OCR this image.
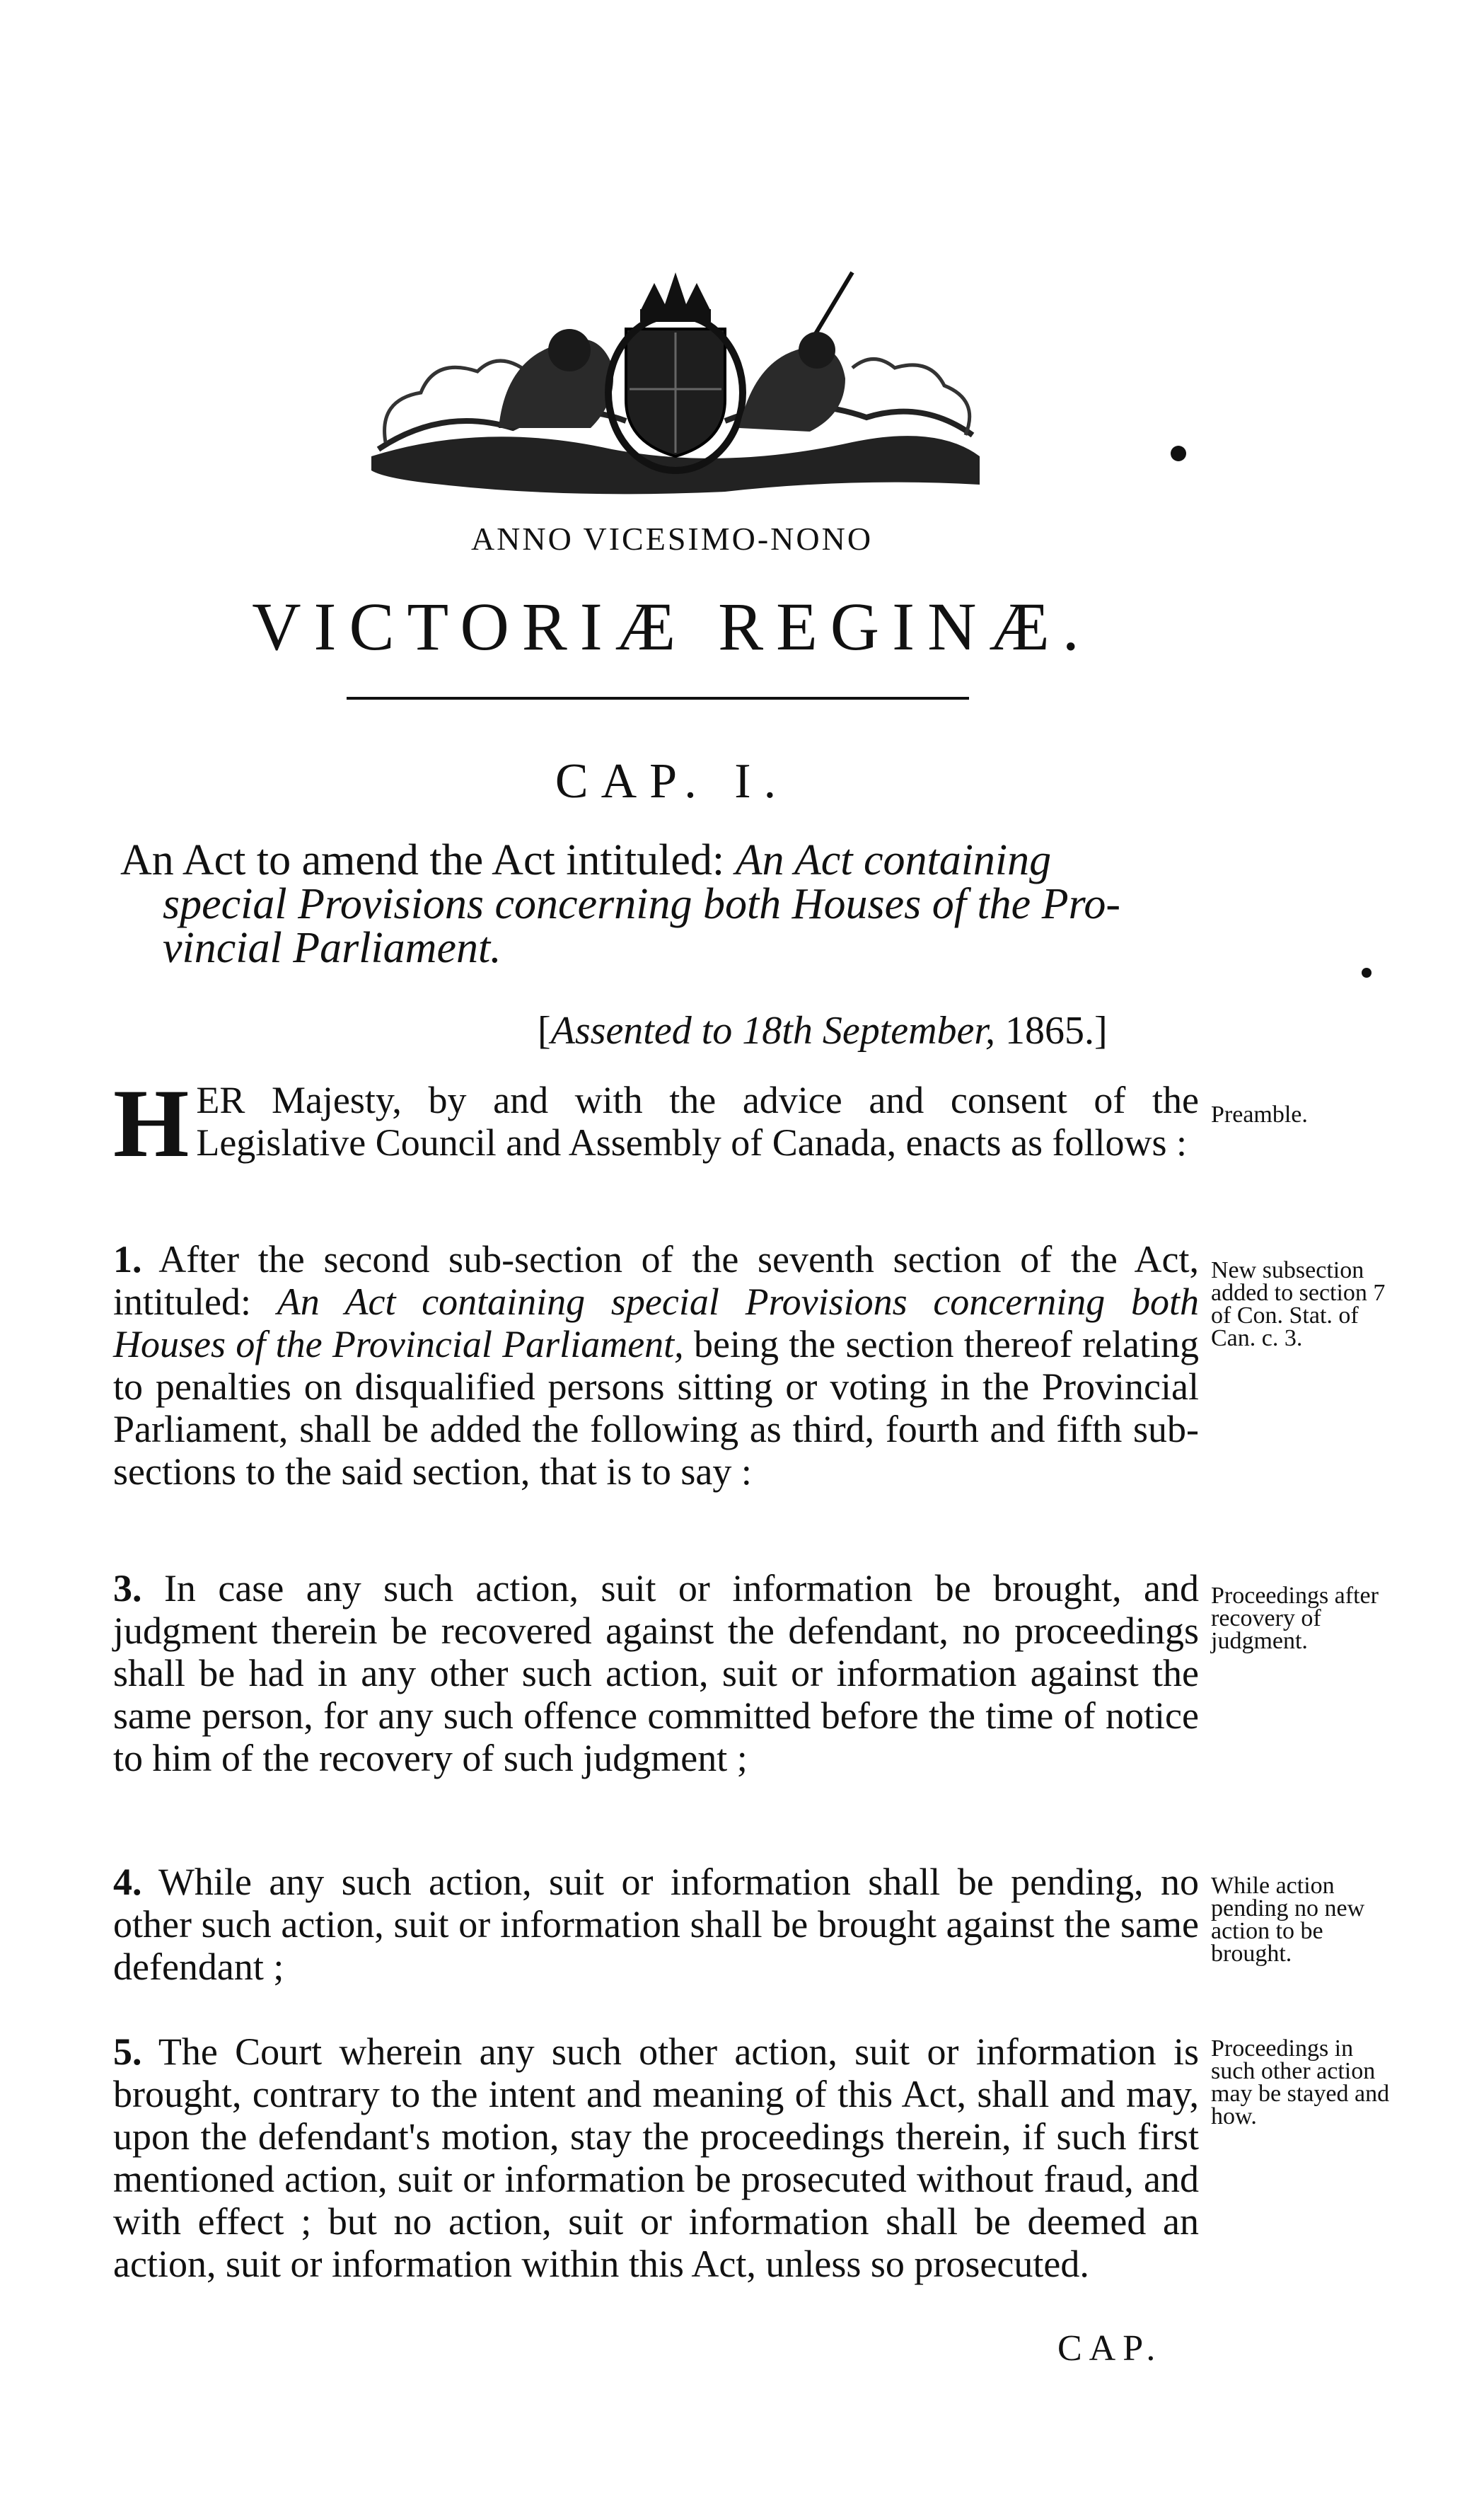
ANNO VICESIMO-NONO
VICTORIÆ REGINÆ.
CAP. I.
An Act to amend the Act intituled: An Act containing
special Provisions concerning both Houses of the Pro-
vincial Parliament.
[Assented to 18th September, 1865.]
HER Majesty, by and with the advice and consent of the Legislative Council and Assembly of Canada, enacts as follows :
Preamble.
1. After the second sub-section of the seventh section of the Act, intituled: An Act containing special Provisions concerning both Houses of the Provincial Parliament, being the section thereof relating to penalties on disqualified persons sitting or voting in the Provincial Parliament, shall be added the following as third, fourth and fifth sub-sections to the said section, that is to say :
New subsection added to section 7 of Con. Stat. of Can. c. 3.
3. In case any such action, suit or information be brought, and judgment therein be recovered against the defendant, no proceedings shall be had in any other such action, suit or information against the same person, for any such offence committed before the time of notice to him of the recovery of such judgment ;
Proceedings after recovery of judgment.
4. While any such action, suit or information shall be pending, no other such action, suit or information shall be brought against the same defendant ;
While action pending no new action to be brought.
5. The Court wherein any such other action, suit or information is brought, contrary to the intent and meaning of this Act, shall and may, upon the defendant's motion, stay the proceedings therein, if such first mentioned action, suit or information be prosecuted without fraud, and with effect ; but no action, suit or information shall be deemed an action, suit or information within this Act, unless so prosecuted.
Proceedings in such other action may be stayed and how.
CAP.
